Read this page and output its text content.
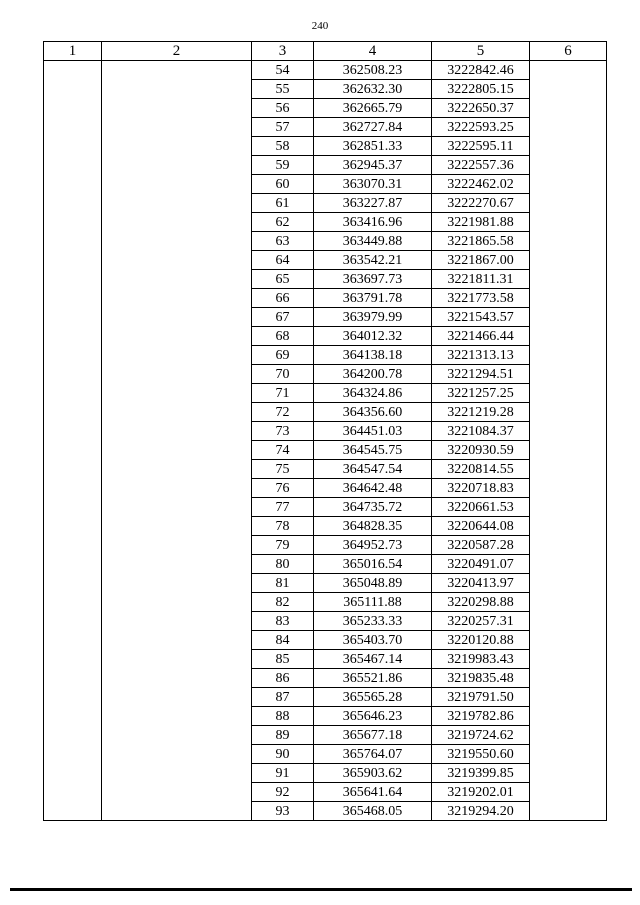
240
1	2	3	4	5	6
		54	362508.23	3222842.46	
		55	362632.30	3222805.15	
		56	362665.79	3222650.37	
		57	362727.84	3222593.25	
		58	362851.33	3222595.11	
		59	362945.37	3222557.36	
		60	363070.31	3222462.02	
		61	363227.87	3222270.67	
		62	363416.96	3221981.88	
		63	363449.88	3221865.58	
		64	363542.21	3221867.00	
		65	363697.73	3221811.31	
		66	363791.78	3221773.58	
		67	363979.99	3221543.57	
		68	364012.32	3221466.44	
		69	364138.18	3221313.13	
		70	364200.78	3221294.51	
		71	364324.86	3221257.25	
		72	364356.60	3221219.28	
		73	364451.03	3221084.37	
		74	364545.75	3220930.59	
		75	364547.54	3220814.55	
		76	364642.48	3220718.83	
		77	364735.72	3220661.53	
		78	364828.35	3220644.08	
		79	364952.73	3220587.28	
		80	365016.54	3220491.07	
		81	365048.89	3220413.97	
		82	365111.88	3220298.88	
		83	365233.33	3220257.31	
		84	365403.70	3220120.88	
		85	365467.14	3219983.43	
		86	365521.86	3219835.48	
		87	365565.28	3219791.50	
		88	365646.23	3219782.86	
		89	365677.18	3219724.62	
		90	365764.07	3219550.60	
		91	365903.62	3219399.85	
		92	365641.64	3219202.01	
		93	365468.05	3219294.20	
